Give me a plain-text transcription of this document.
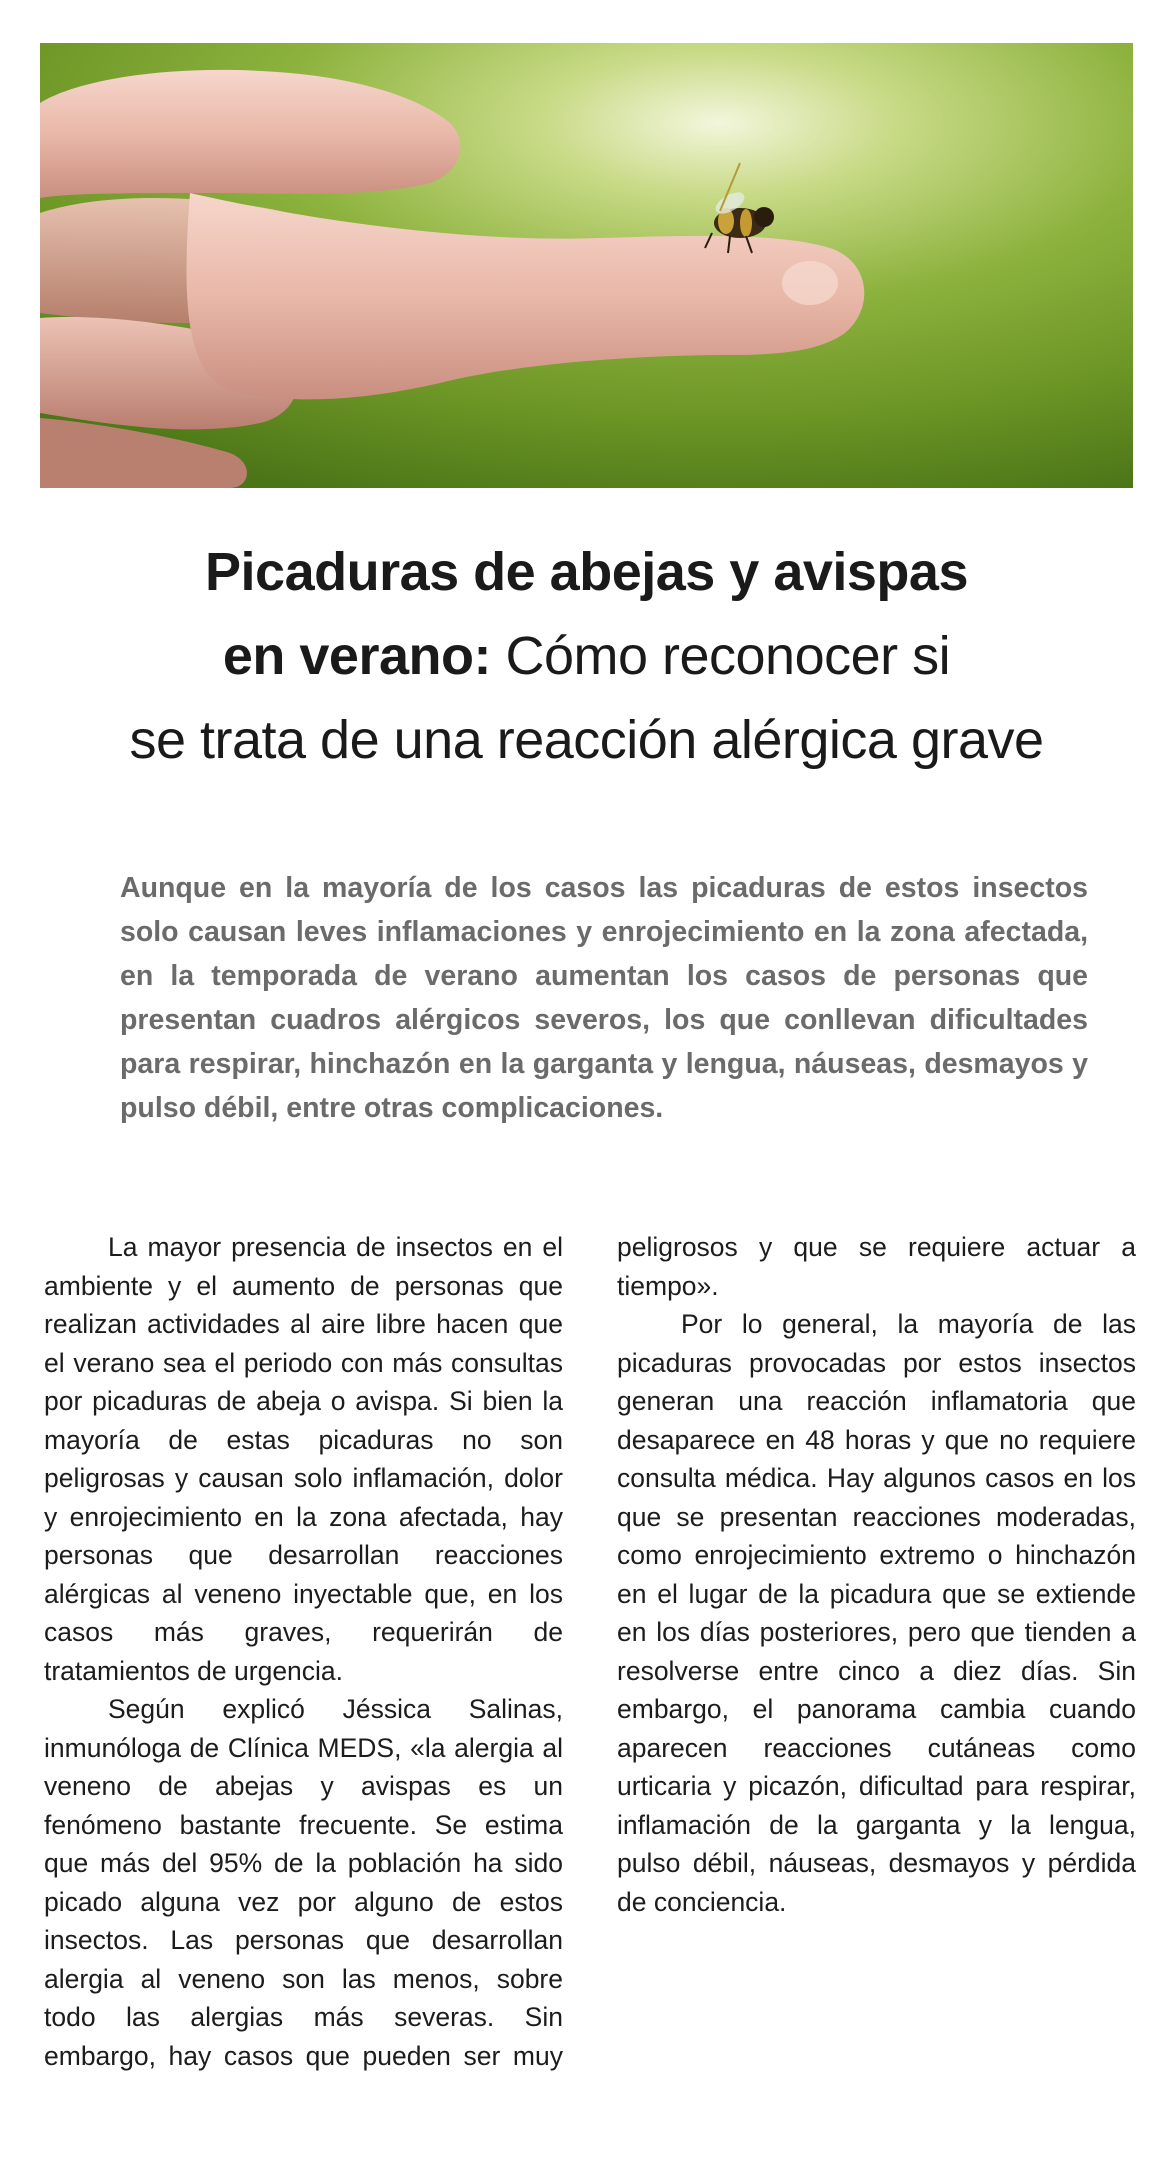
Picaduras de abejas y avispas
en verano: Cómo reconocer si
se trata de una reacción alérgica grave
Aunque en la mayoría de los casos las picaduras de estos insectos solo causan leves inflamaciones y enrojecimiento en la zona afectada, en la temporada de verano aumentan los casos de personas que presentan cuadros alérgicos severos, los que conllevan dificultades para respirar, hinchazón en la garganta y lengua, náuseas, desmayos y pulso débil, entre otras complicaciones.

La mayor presencia de insectos en el ambiente y el aumento de personas que realizan actividades al aire libre hacen que el verano sea el periodo con más consultas por picaduras de abeja o avispa. Si bien la mayoría de estas picaduras no son peligrosas y causan solo inflamación, dolor y enrojecimiento en la zona afectada, hay personas que desarrollan reacciones alérgicas al veneno inyectable que, en los casos más graves, requerirán de tratamientos de urgencia.

Según explicó Jéssica Salinas, inmunóloga de Clínica MEDS, «la alergia al veneno de abejas y avispas es un fenómeno bastante frecuente. Se estima que más del 95% de la población ha sido picado alguna vez por alguno de estos insectos. Las personas que desarrollan alergia al veneno son las menos, sobre todo las alergias más severas. Sin embargo, hay casos que pueden ser muy peligrosos y que se requiere actuar a tiempo».

Por lo general, la mayoría de las picaduras provocadas por estos insectos generan una reacción inflamatoria que desaparece en 48 horas y que no requiere consulta médica. Hay algunos casos en los que se presentan reacciones moderadas, como enrojecimiento extremo o hinchazón en el lugar de la picadura que se extiende en los días posteriores, pero que tienden a resolverse entre cinco a diez días. Sin embargo, el panorama cambia cuando aparecen reacciones cutáneas como urticaria y picazón, dificultad para respirar, inflamación de la garganta y la lengua, pulso débil, náuseas, desmayos y pérdida de conciencia.
